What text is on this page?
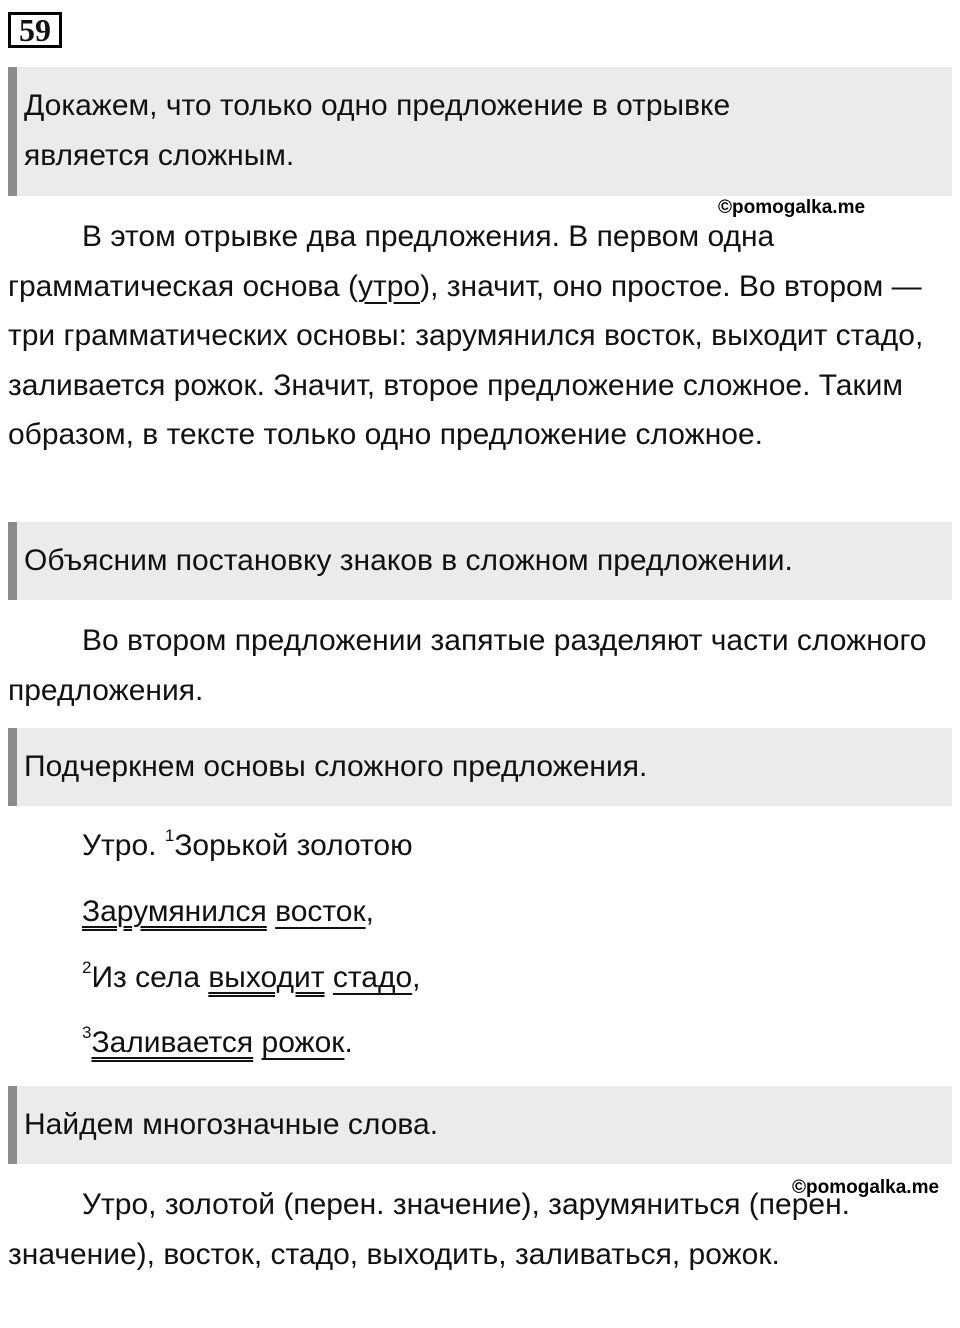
59
Докажем, что только одно предложение в отрывке
является сложным.
©pomogalka.me

В этом отрывке два предложения. В первом одна грамматическая основа (утро), значит, оно простое. Во втором — три грамматических основы: зарумянился восток, выходит стадо, заливается рожок. Значит, второе предложение сложное. Таким образом, в тексте только одно предложение сложное.

Объясним постановку знаков в сложном предложении.

Во втором предложении запятые разделяют части сложного предложения.

Подчеркнем основы сложного предложения.
Утро. $^1$Зорькой золотою
Зарумянился восток,
$^2$Из села выходит стадо,
$^3$Заливается рожок.
Найдем многозначные слова.
©pomogalka.me

Утро, золотой (перен. значение), зарумяниться (перен. значение), восток, стадо, выходить, заливаться, рожок.
